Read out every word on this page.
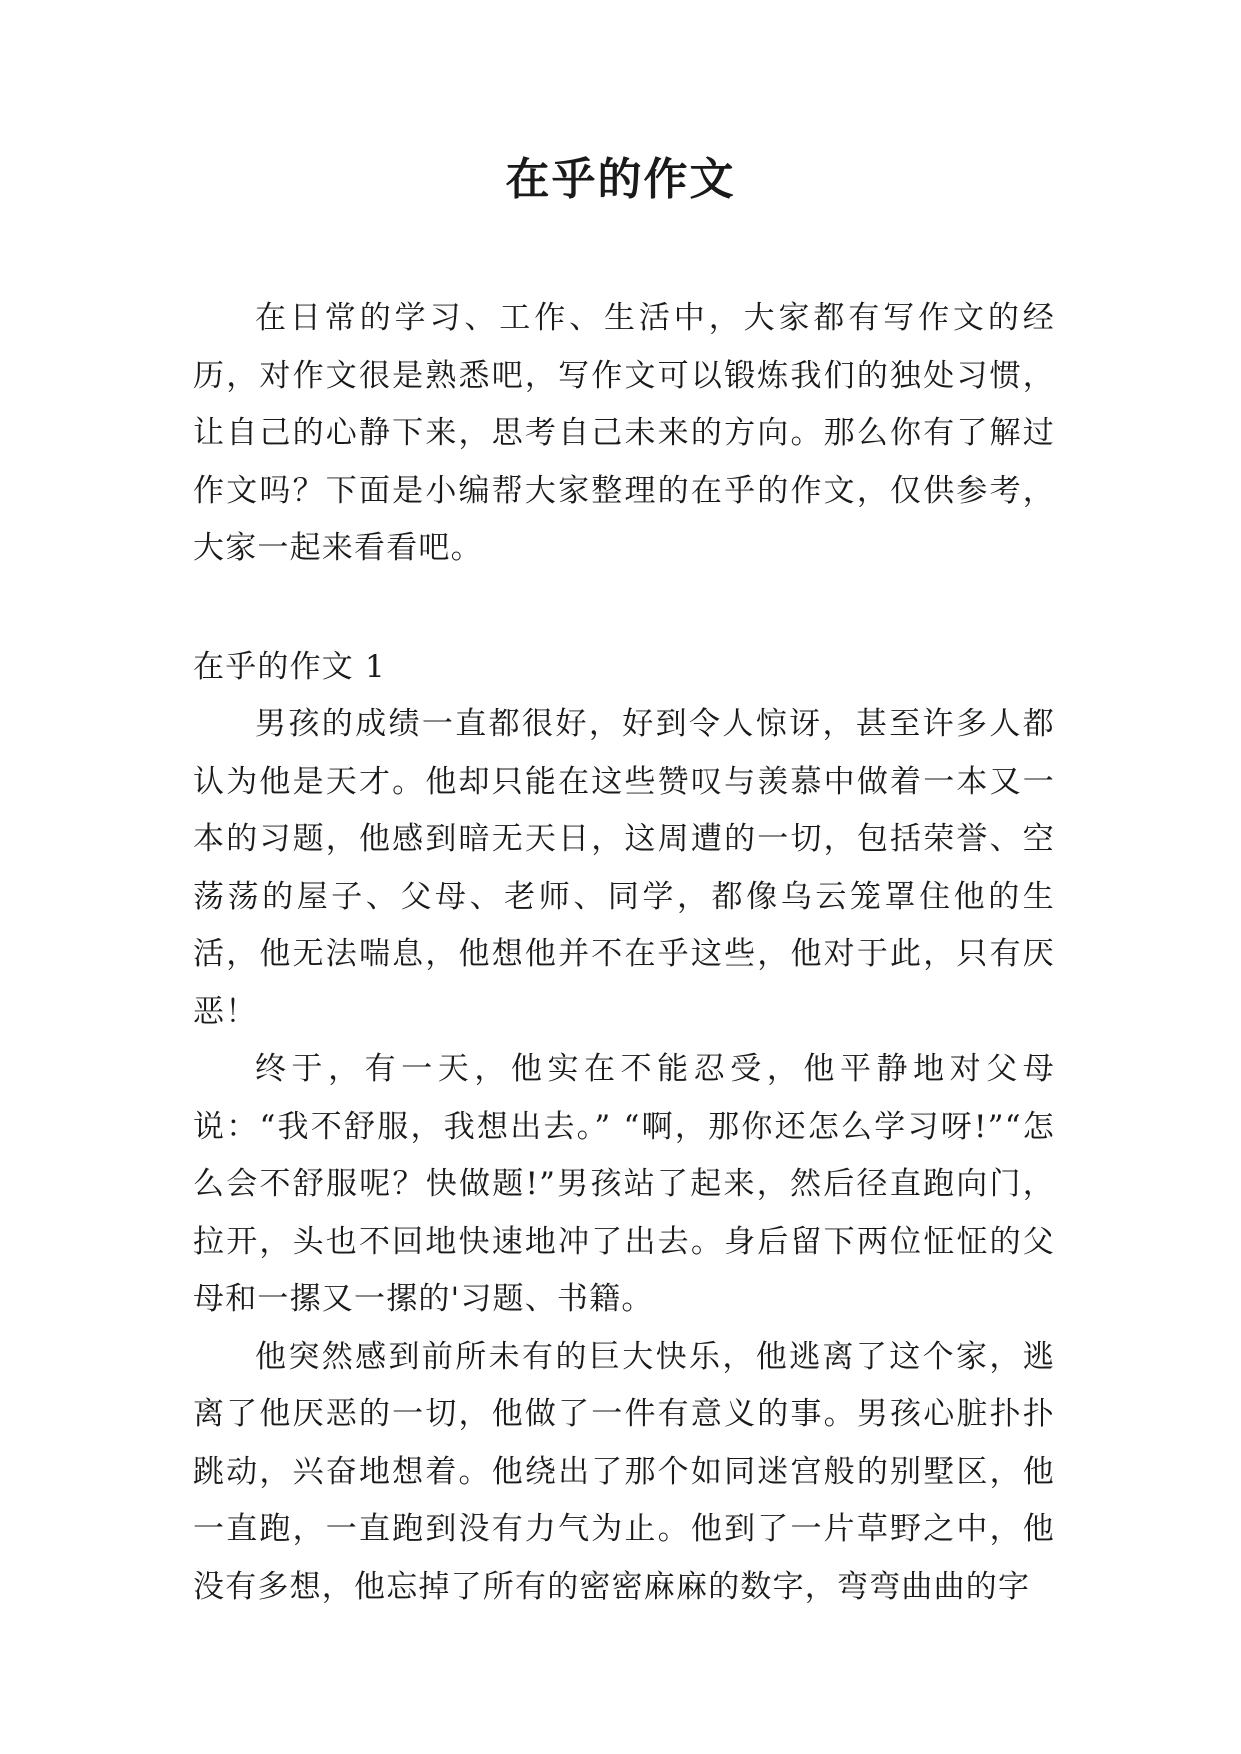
在乎的作文

在日常的学习、工作、生活中，大家都有写作文的经历，对作文很是熟悉吧，写作文可以锻炼我们的独处习惯，让自己的心静下来，思考自己未来的方向。那么你有了解过作文吗？下面是小编帮大家整理的在乎的作文，仅供参考，大家一起来看看吧。

在乎的作文 1

男孩的成绩一直都很好，好到令人惊讶，甚至许多人都认为他是天才。他却只能在这些赞叹与羡慕中做着一本又一本的习题，他感到暗无天日，这周遭的一切，包括荣誉、空荡荡的屋子、父母、老师、同学，都像乌云笼罩住他的生活，他无法喘息，他想他并不在乎这些，他对于此，只有厌恶！

终于，有一天，他实在不能忍受，他平静地对父母说：“我不舒服，我想出去。” “啊，那你还怎么学习呀!”“怎么会不舒服呢？快做题!”男孩站了起来，然后径直跑向门，拉开，头也不回地快速地冲了出去。身后留下两位怔怔的父母和一摞又一摞的'习题、书籍。

他突然感到前所未有的巨大快乐，他逃离了这个家，逃离了他厌恶的一切，他做了一件有意义的事。男孩心脏扑扑跳动，兴奋地想着。他绕出了那个如同迷宫般的别墅区，他一直跑，一直跑到没有力气为止。他到了一片草野之中，他没有多想，他忘掉了所有的密密麻麻的数字，弯弯曲曲的字
